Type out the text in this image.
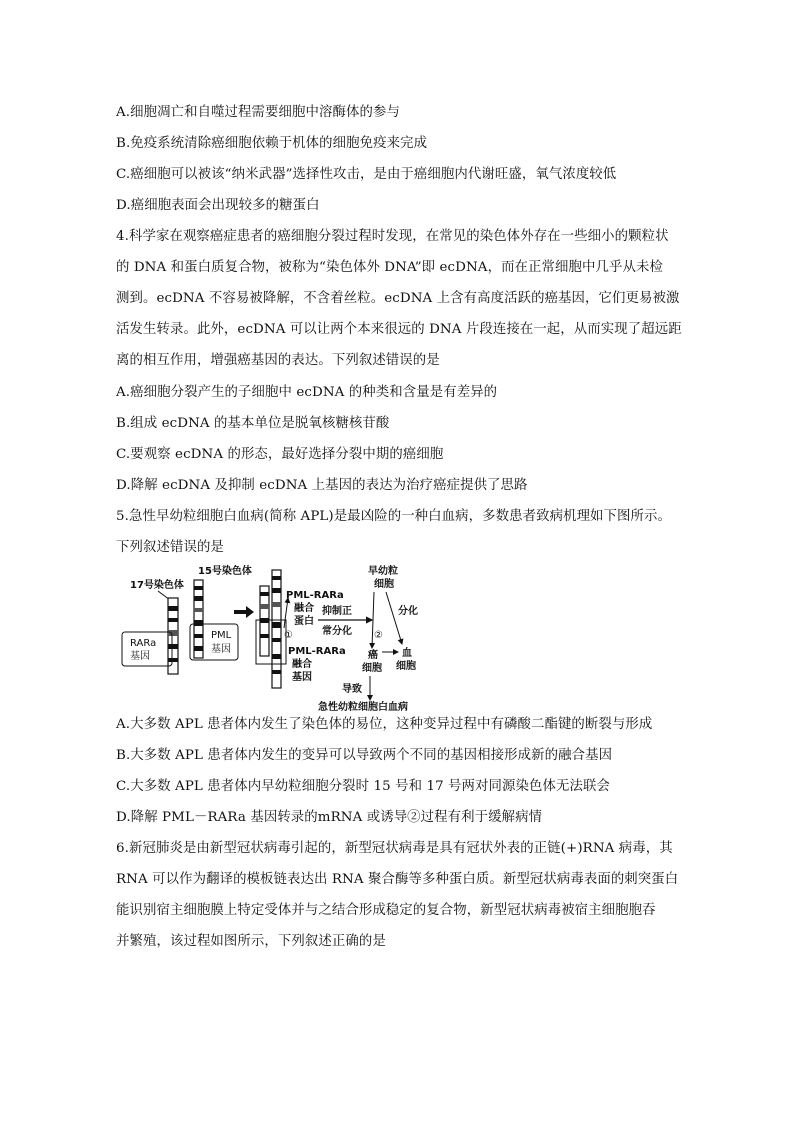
A.细胞凋亡和自噬过程需要细胞中溶酶体的参与
B.免疫系统清除癌细胞依赖于机体的细胞免疫来完成
C.癌细胞可以被该“纳米武器”选择性攻击，是由于癌细胞内代谢旺盛，氧气浓度较低
D.癌细胞表面会出现较多的糖蛋白
4.科学家在观察癌症患者的癌细胞分裂过程时发现，在常见的染色体外存在一些细小的颗粒状
的 DNA 和蛋白质复合物，被称为“染色体外 DNA”即 ecDNA，而在正常细胞中几乎从未检
测到。ecDNA 不容易被降解，不含着丝粒。ecDNA 上含有高度活跃的癌基因，它们更易被激
活发生转录。此外，ecDNA 可以让两个本来很远的 DNA 片段连接在一起，从而实现了超远距
离的相互作用，增强癌基因的表达。下列叙述错误的是
A.癌细胞分裂产生的子细胞中 ecDNA 的种类和含量是有差异的
B.组成 ecDNA 的基本单位是脱氧核糖核苷酸
C.要观察 ecDNA 的形态，最好选择分裂中期的癌细胞
D.降解 ecDNA 及抑制 ecDNA 上基因的表达为治疗癌症提供了思路
5.急性早幼粒细胞白血病(简称 APL)是最凶险的一种白血病，多数患者致病机理如下图所示。
下列叙述错误的是
17号染色体
RARa
基因
15号染色体
PML
基因
①
PML-RARa
融合
蛋白
PML-RARa
融合
基因
抑制正
常分化
早幼粒
细胞
分化
②
癌
细胞
血
细胞
导致
急性幼粒细胞白血病
A.大多数 APL 患者体内发生了染色体的易位，这种变异过程中有磷酸二酯键的断裂与形成
B.大多数 APL 患者体内发生的变异可以导致两个不同的基因相接形成新的融合基因
C.大多数 APL 患者体内早幼粒细胞分裂时 15 号和 17 号两对同源染色体无法联会
D.降解 PML－RARa 基因转录的mRNA 或诱导②过程有利于缓解病情
6.新冠肺炎是由新型冠状病毒引起的，新型冠状病毒是具有冠状外表的正链(+)RNA 病毒，其
RNA 可以作为翻译的模板链表达出 RNA 聚合酶等多种蛋白质。新型冠状病毒表面的刺突蛋白
能识别宿主细胞膜上特定受体并与之结合形成稳定的复合物，新型冠状病毒被宿主细胞胞吞
并繁殖，该过程如图所示，下列叙述正确的是
